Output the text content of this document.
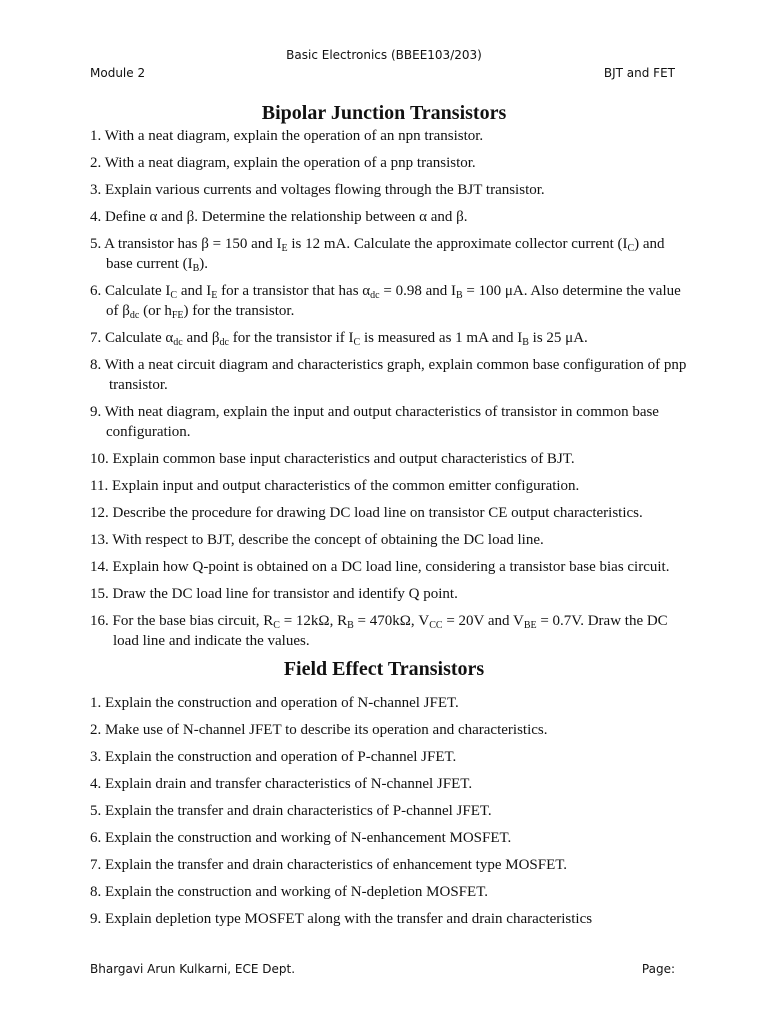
Basic Electronics (BBEE103/203)
Module 2	BJT and FET
Bipolar Junction Transistors
1. With a neat diagram, explain the operation of an npn transistor.
2. With a neat diagram, explain the operation of a pnp transistor.
3. Explain various currents and voltages flowing through the BJT transistor.
4. Define α and β. Determine the relationship between α and β.
5. A transistor has β = 150 and $I_E$ is 12 mA. Calculate the approximate collector current $(I_C)$ and
base current $(I_B)$.
6. Calculate $I_C$ and $I_E$ for a transistor that has $\alpha_{dc} = 0.98$ and $I_B = 100$ μA. Also determine the value
of $\beta_{dc}$ (or $h_{FE}$) for the transistor.
7. Calculate $\alpha_{dc}$ and $\beta_{dc}$ for the transistor if $I_C$ is measured as 1 mA and $I_B$ is 25 μA.
8. With a neat circuit diagram and characteristics graph, explain common base configuration of pnp
transistor.
9. With neat diagram, explain the input and output characteristics of transistor in common base
configuration.
10. Explain common base input characteristics and output characteristics of BJT.
11. Explain input and output characteristics of the common emitter configuration.
12. Describe the procedure for drawing DC load line on transistor CE output characteristics.
13. With respect to BJT, describe the concept of obtaining the DC load line.
14. Explain how Q-point is obtained on a DC load line, considering a transistor base bias circuit.
15. Draw the DC load line for transistor and identify Q point.
16. For the base bias circuit, $R_C = 12k\Omega$, $R_B = 470k\Omega$, $V_{CC} = 20V$ and $V_{BE} = 0.7V$. Draw the DC
load line and indicate the values.
Field Effect Transistors
1. Explain the construction and operation of N-channel JFET.
2. Make use of N-channel JFET to describe its operation and characteristics.
3. Explain the construction and operation of P-channel JFET.
4. Explain drain and transfer characteristics of N-channel JFET.
5. Explain the transfer and drain characteristics of P-channel JFET.
6. Explain the construction and working of N-enhancement MOSFET.
7. Explain the transfer and drain characteristics of enhancement type MOSFET.
8. Explain the construction and working of N-depletion MOSFET.
9. Explain depletion type MOSFET along with the transfer and drain characteristics
Bhargavi Arun Kulkarni, ECE Dept.	Page:
